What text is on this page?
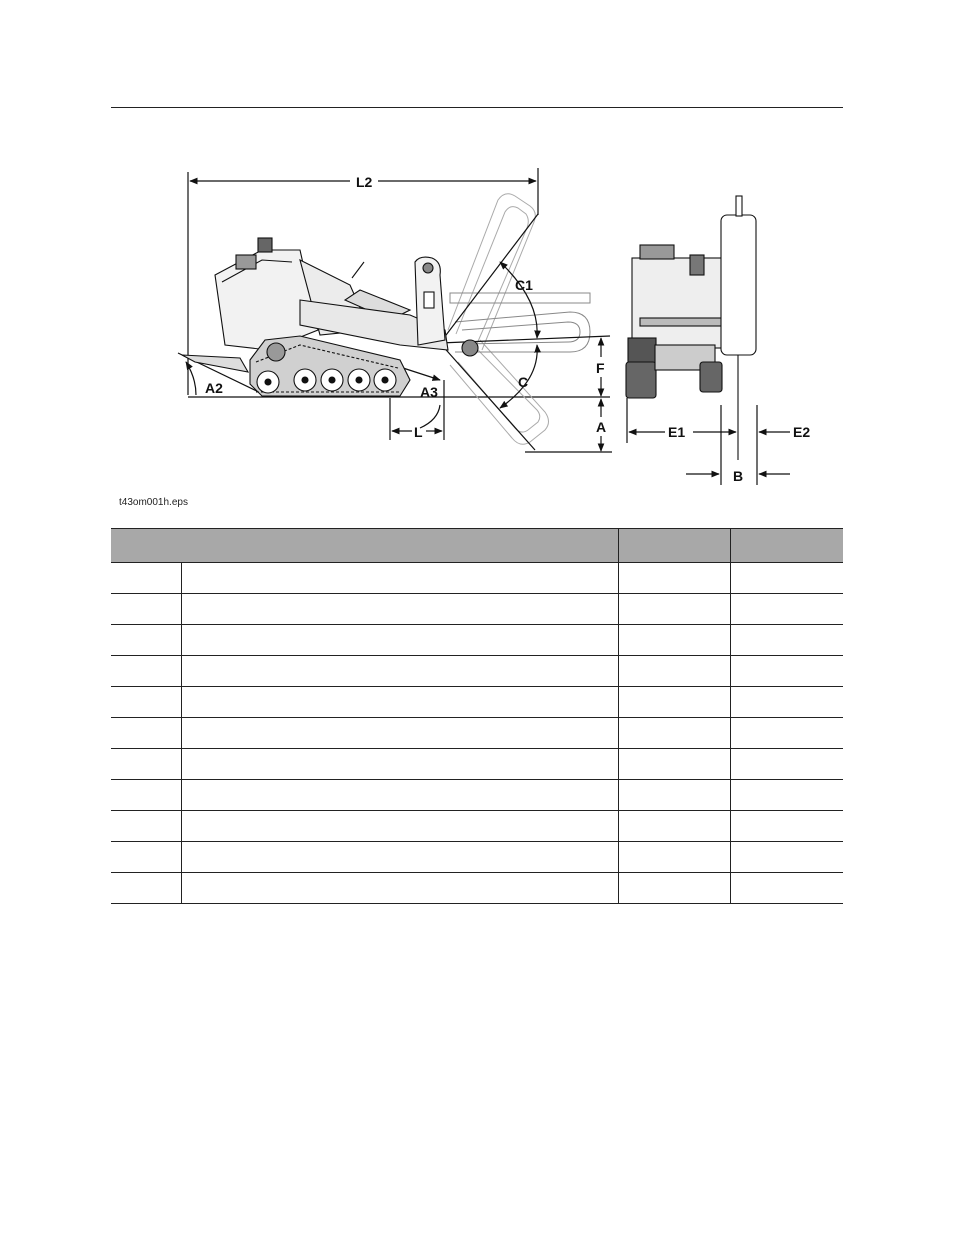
L2
C1
C
F
A
A2	A3
L	E1	E2
B
t43om001h.eps
